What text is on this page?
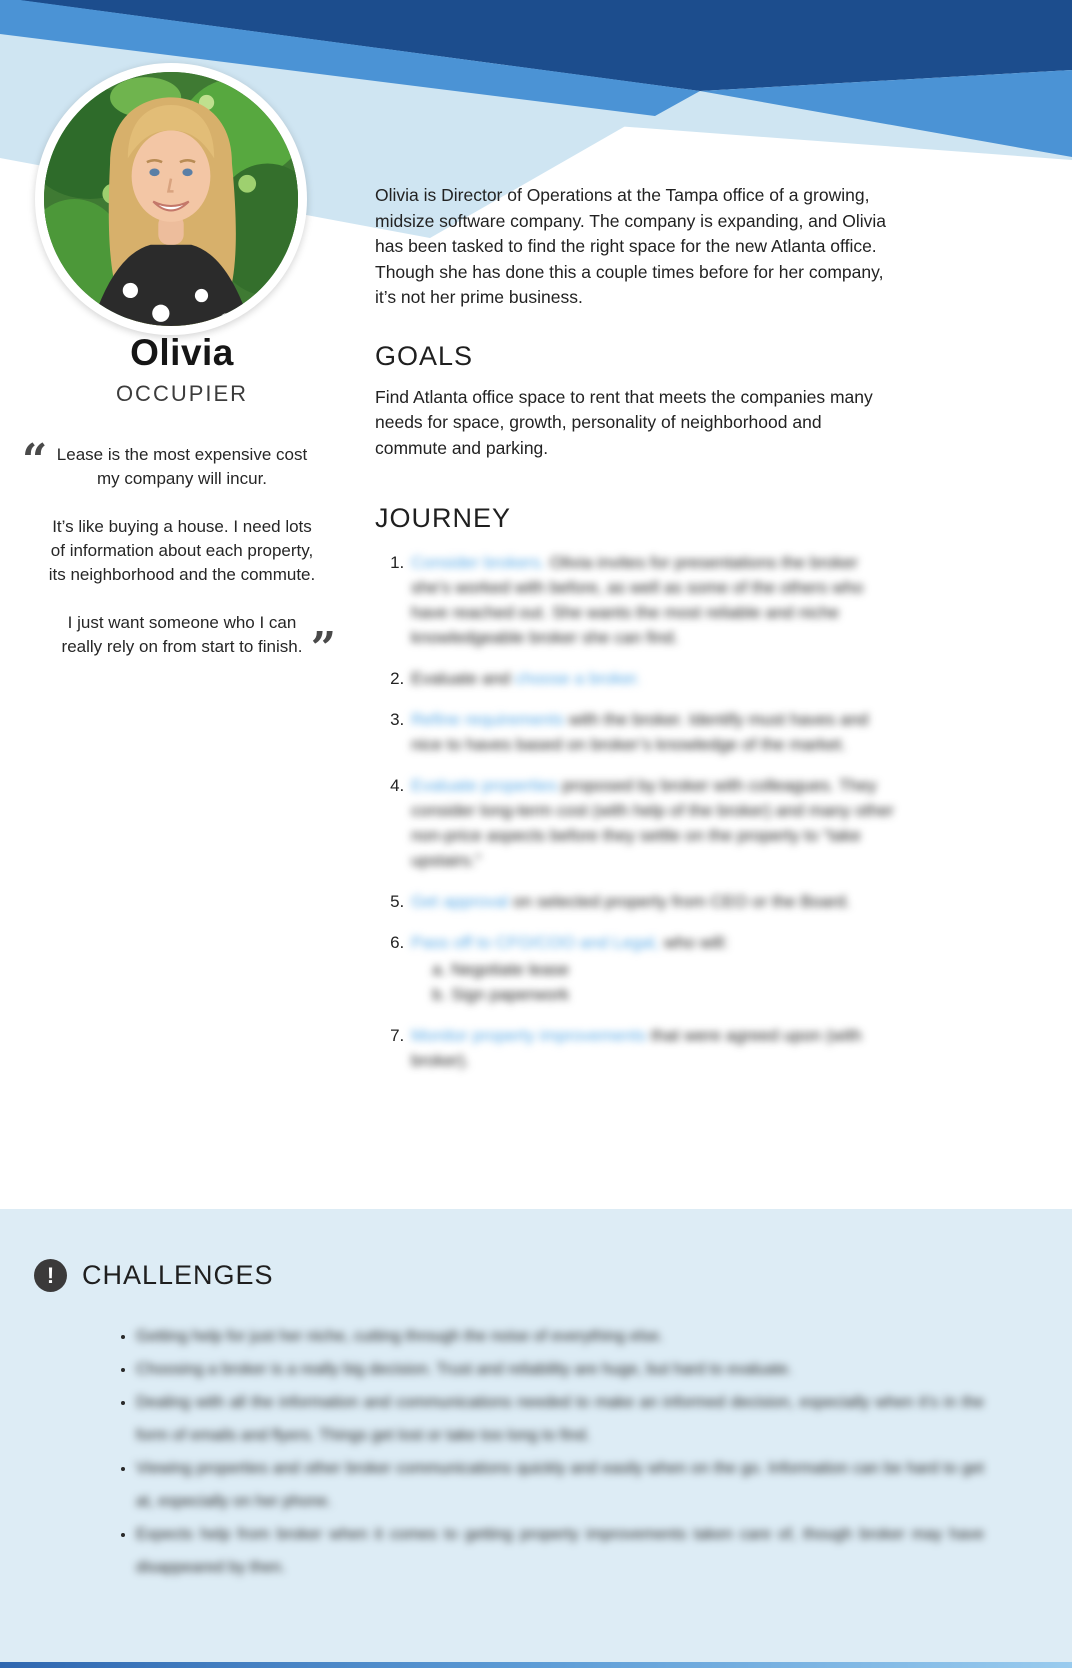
Olivia
OCCUPIER
“ Lease is the most expensive cost my company will incur.

It’s like buying a house. I need lots of information about each property, its neighborhood and the commute.

I just want someone who I can really rely on from start to finish. ”

Olivia is Director of Operations at the Tampa office of a growing, midsize software company. The company is expanding, and Olivia has been tasked to find the right space for the new Atlanta office. Though she has done this a couple times before for her company, it’s not her prime business.

GOALS

Find Atlanta office space to rent that meets the companies many needs for space, growth, personality of neighborhood and commute and parking.

JOURNEY
1. Consider brokers. Olivia invites for presentations the broker she’s worked with before, as well as some of the others who have reached out. She wants the most reliable and niche knowledgeable broker she can find.
2. Evaluate and choose a broker.
3. Refine requirements with the broker. Identify must haves and nice to haves based on broker’s knowledge of the market.
4. Evaluate properties proposed by broker with colleagues. They consider long-term cost (with help of the broker) and many other non-price aspects before they settle on the property to “take upstairs.”
5. Get approval on selected property from CEO or the Board.
6. Pass off to CFO/COO and Legal, who will:
a. Negotiate lease
b. Sign paperwork
7. Monitor property improvements that were agreed upon (with broker).
!	CHALLENGES
• Getting help for just her niche, cutting through the noise of everything else.
• Choosing a broker is a really big decision. Trust and reliability are huge, but hard to evaluate.
• Dealing with all the information and communications needed to make an informed decision, especially when it’s in the form of emails and flyers. Things get lost or take too long to find.
• Viewing properties and other broker communications quickly and easily when on the go. Information can be hard to get at, especially on her phone.
• Expects help from broker when it comes to getting property improvements taken care of, though broker may have disappeared by then.
